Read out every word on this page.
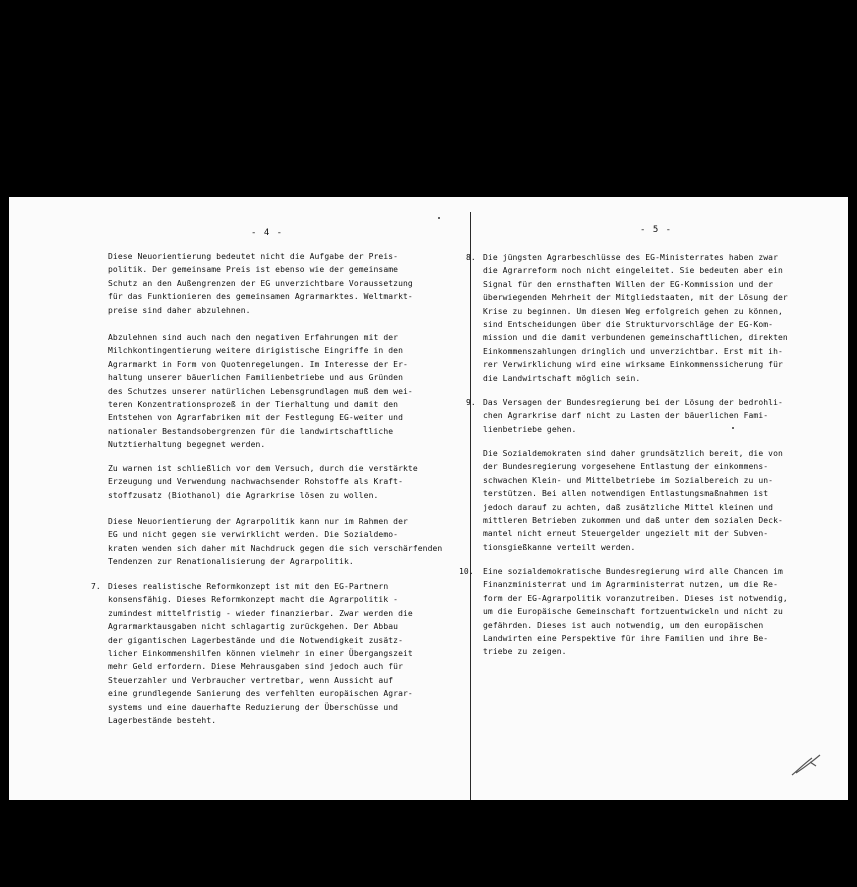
- 4 -	- 5 -
Diese Neuorientierung bedeutet nicht die Aufgabe der Preis-
politik. Der gemeinsame Preis ist ebenso wie der gemeinsame
Schutz an den Außengrenzen der EG unverzichtbare Voraussetzung
für das Funktionieren des gemeinsamen Agrarmarktes. Weltmarkt-
preise sind daher abzulehnen.
Abzulehnen sind auch nach den negativen Erfahrungen mit der
Milchkontingentierung weitere dirigistische Eingriffe in den
Agrarmarkt in Form von Quotenregelungen. Im Interesse der Er-
haltung unserer bäuerlichen Familienbetriebe und aus Gründen
des Schutzes unserer natürlichen Lebensgrundlagen muß dem wei-
teren Konzentrationsprozeß in der Tierhaltung und damit den
Entstehen von Agrarfabriken mit der Festlegung EG-weiter und
nationaler Bestandsobergrenzen für die landwirtschaftliche
Nutztierhaltung begegnet werden.
Zu warnen ist schließlich vor dem Versuch, durch die verstärkte
Erzeugung und Verwendung nachwachsender Rohstoffe als Kraft-
stoffzusatz (Biothanol) die Agrarkrise lösen zu wollen.
Diese Neuorientierung der Agrarpolitik kann nur im Rahmen der
EG und nicht gegen sie verwirklicht werden. Die Sozialdemo-
kraten wenden sich daher mit Nachdruck gegen die sich verschärfenden
Tendenzen zur Renationalisierung der Agrarpolitik.
7. Dieses realistische Reformkonzept ist mit den EG-Partnern
konsensfähig. Dieses Reformkonzept macht die Agrarpolitik -
zumindest mittelfristig - wieder finanzierbar. Zwar werden die
Agrarmarktausgaben nicht schlagartig zurückgehen. Der Abbau
der gigantischen Lagerbestände und die Notwendigkeit zusätz-
licher Einkommenshilfen können vielmehr in einer Übergangszeit
mehr Geld erfordern. Diese Mehrausgaben sind jedoch auch für
Steuerzahler und Verbraucher vertretbar, wenn Aussicht auf
eine grundlegende Sanierung des verfehlten europäischen Agrar-
systems und eine dauerhafte Reduzierung der Überschüsse und
Lagerbestände besteht.
8. Die jüngsten Agrarbeschlüsse des EG-Ministerrates haben zwar
die Agrarreform noch nicht eingeleitet. Sie bedeuten aber ein
Signal für den ernsthaften Willen der EG-Kommission und der
überwiegenden Mehrheit der Mitgliedstaaten, mit der Lösung der
Krise zu beginnen. Um diesen Weg erfolgreich gehen zu können,
sind Entscheidungen über die Strukturvorschläge der EG-Kom-
mission und die damit verbundenen gemeinschaftlichen, direkten
Einkommenszahlungen dringlich und unverzichtbar. Erst mit ih-
rer Verwirklichung wird eine wirksame Einkommenssicherung für
die Landwirtschaft möglich sein.
9. Das Versagen der Bundesregierung bei der Lösung der bedrohli-
chen Agrarkrise darf nicht zu Lasten der bäuerlichen Fami-
lienbetriebe gehen.
Die Sozialdemokraten sind daher grundsätzlich bereit, die von
der Bundesregierung vorgesehene Entlastung der einkommens-
schwachen Klein- und Mittelbetriebe im Sozialbereich zu un-
terstützen. Bei allen notwendigen Entlastungsmaßnahmen ist
jedoch darauf zu achten, daß zusätzliche Mittel kleinen und
mittleren Betrieben zukommen und daß unter dem sozialen Deck-
mantel nicht erneut Steuergelder ungezielt mit der Subven-
tionsgießkanne verteilt werden.
10. Eine sozialdemokratische Bundesregierung wird alle Chancen im
Finanzministerrat und im Agrarministerrat nutzen, um die Re-
form der EG-Agrarpolitik voranzutreiben. Dieses ist notwendig,
um die Europäische Gemeinschaft fortzuentwickeln und nicht zu
gefährden. Dieses ist auch notwendig, um den europäischen
Landwirten eine Perspektive für ihre Familien und ihre Be-
triebe zu zeigen.
